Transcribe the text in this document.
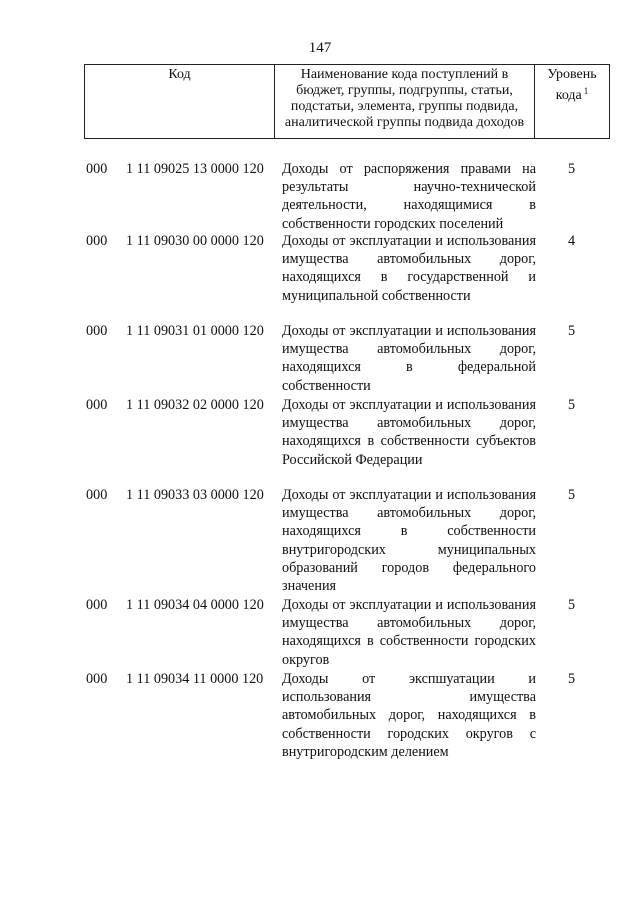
147
Код	Наименование кода поступлений в бюджет, группы, подгруппы, статьи, подстатьи, элемента, группы подвида, аналитической группы подвида доходов
Уровень кода $^1$
000 1 11 09025 13 0000 120 Доходы от распоряжения правами на результаты научно-технической деятельности, находящимися в собственности городских поселений
5
000 1 11 09030 00 0000 120 Доходы от эксплуатации и использования имущества автомобильных дорог, находящихся в государственной и муниципальной собственности
4
000 1 11 09031 01 0000 120 Доходы от эксплуатации и использования имущества автомобильных дорог, находящихся в федеральной собственности
5
000 1 11 09032 02 0000 120 Доходы от эксплуатации и использования имущества автомобильных дорог, находящихся в собственности субъектов Российской Федерации
5
000 1 11 09033 03 0000 120 Доходы от эксплуатации и использования имущества автомобильных дорог, находящихся в собственности внутригородских муниципальных образований городов федерального значения
5
000 1 11 09034 04 0000 120 Доходы от эксплуатации и использования имущества автомобильных дорог, находящихся в собственности городских округов
5
000 1 11 09034 11 0000 120 Доходы от экспшуатации и использования имущества автомобильных дорог, находящихся в собственности городских округов с внутригородским делением
5
